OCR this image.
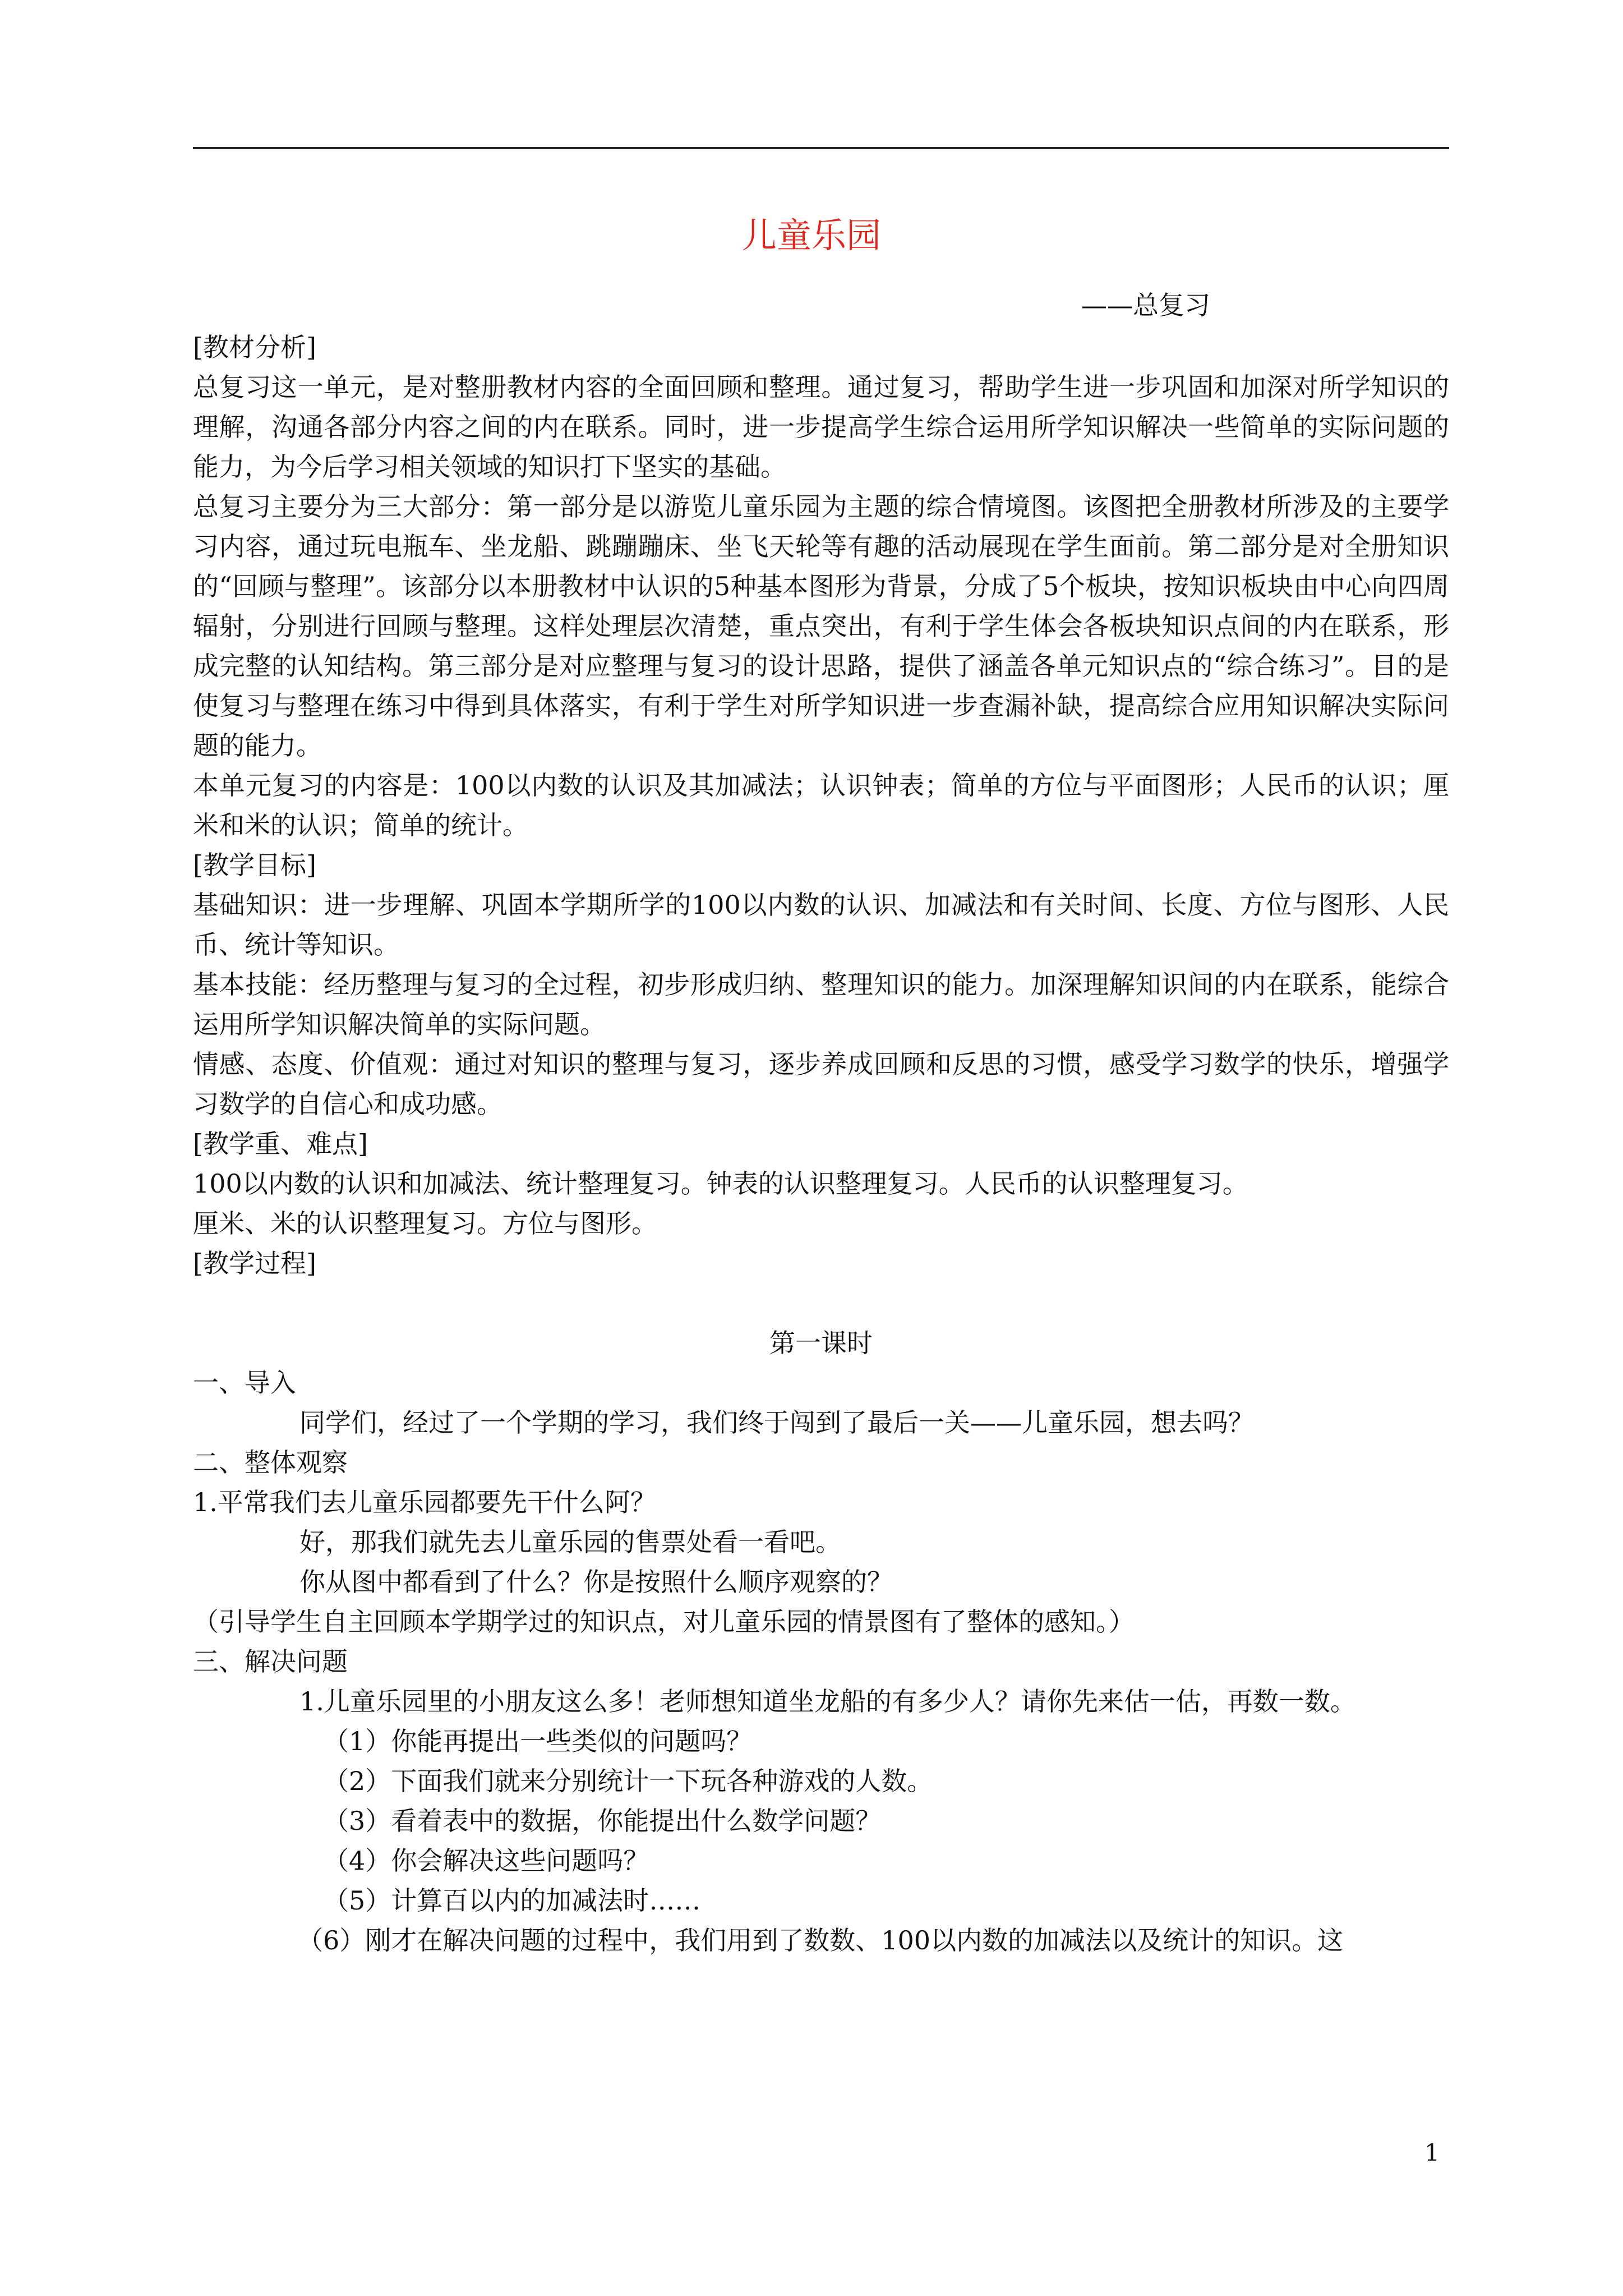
儿童乐园
——总复习

[教材分析]

总复习这一单元，是对整册教材内容的全面回顾和整理。通过复习，帮助学生进一步巩固和加深对所学知识的理解，沟通各部分内容之间的内在联系。同时，进一步提高学生综合运用所学知识解决一些简单的实际问题的能力，为今后学习相关领域的知识打下坚实的基础。

总复习主要分为三大部分：第一部分是以游览儿童乐园为主题的综合情境图。该图把全册教材所涉及的主要学习内容，通过玩电瓶车、坐龙船、跳蹦蹦床、坐飞天轮等有趣的活动展现在学生面前。第二部分是对全册知识的“回顾与整理”。该部分以本册教材中认识的5种基本图形为背景，分成了5个板块，按知识板块由中心向四周辐射，分别进行回顾与整理。这样处理层次清楚，重点突出，有利于学生体会各板块知识点间的内在联系，形成完整的认知结构。第三部分是对应整理与复习的设计思路，提供了涵盖各单元知识点的“综合练习”。目的是使复习与整理在练习中得到具体落实，有利于学生对所学知识进一步查漏补缺，提高综合应用知识解决实际问题的能力。

本单元复习的内容是：100以内数的认识及其加减法；认识钟表；简单的方位与平面图形；人民币的认识；厘米和米的认识；简单的统计。

[教学目标]

基础知识：进一步理解、巩固本学期所学的100以内数的认识、加减法和有关时间、长度、方位与图形、人民币、统计等知识。

基本技能：经历整理与复习的全过程，初步形成归纳、整理知识的能力。加深理解知识间的内在联系，能综合运用所学知识解决简单的实际问题。

情感、态度、价值观：通过对知识的整理与复习，逐步养成回顾和反思的习惯，感受学习数学的快乐，增强学习数学的自信心和成功感。

[教学重、难点]

100以内数的认识和加减法、统计整理复习。钟表的认识整理复习。人民币的认识整理复习。

厘米、米的认识整理复习。方位与图形。

[教学过程]

第一课时

一、导入

同学们，经过了一个学期的学习，我们终于闯到了最后一关——儿童乐园，想去吗？

二、整体观察

1.平常我们去儿童乐园都要先干什么阿？

好，那我们就先去儿童乐园的售票处看一看吧。

你从图中都看到了什么？你是按照什么顺序观察的？

（引导学生自主回顾本学期学过的知识点，对儿童乐园的情景图有了整体的感知。）

三、解决问题

1.儿童乐园里的小朋友这么多！老师想知道坐龙船的有多少人？请你先来估一估，再数一数。

（1）你能再提出一些类似的问题吗？

（2）下面我们就来分别统计一下玩各种游戏的人数。

（3）看着表中的数据，你能提出什么数学问题？

（4）你会解决这些问题吗？

（5）计算百以内的加减法时……

（6）刚才在解决问题的过程中，我们用到了数数、100以内数的加减法以及统计的知识。这

1
